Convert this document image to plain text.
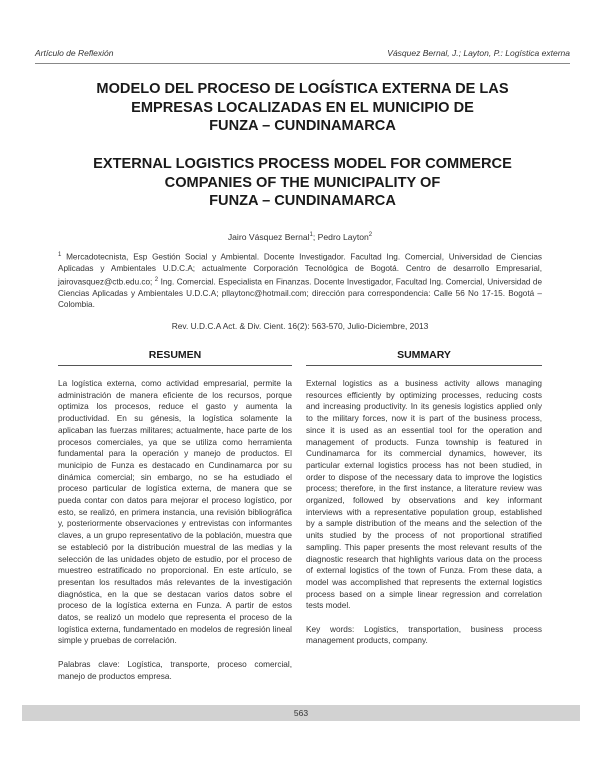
Artículo de Reflexión	Vásquez Bernal, J.; Layton, P.: Logística externa
MODELO DEL PROCESO DE LOGÍSTICA EXTERNA DE LAS
EMPRESAS LOCALIZADAS EN EL MUNICIPIO DE
FUNZA – CUNDINAMARCA
EXTERNAL LOGISTICS PROCESS MODEL FOR COMMERCE
COMPANIES OF THE MUNICIPALITY OF
FUNZA – CUNDINAMARCA
Jairo Vásquez Bernal$^1$; Pedro Layton$^2$
$^1$ Mercadotecnista, Esp Gestión Social y Ambiental. Docente Investigador. Facultad Ing. Comercial, Universidad de Ciencias Aplicadas y Ambientales U.D.C.A; actualmente Corporación Tecnológica de Bogotá. Centro de desarrollo Empresarial, jairovasquez@ctb.edu.co; $^2$ Ing. Comercial. Especialista en Finanzas. Docente Investigador, Facultad Ing. Comercial, Universidad de Ciencias Aplicadas y Ambientales U.D.C.A; pllaytonc@hotmail.com; dirección para correspondencia: Calle 56 No 17-15. Bogotá – Colombia.
Rev. U.D.C.A Act. & Div. Cient. 16(2): 563-570, Julio-Diciembre, 2013
RESUMEN	SUMMARY

La logística externa, como actividad empresarial, permite la administración de manera eficiente de los recursos, porque optimiza los procesos, reduce el gasto y aumenta la productividad. En su génesis, la logística solamente la aplicaban las fuerzas militares; actualmente, hace parte de los procesos comerciales, ya que se utiliza como herramienta fundamental para la operación y manejo de productos. El municipio de Funza es destacado en Cundinamarca por su dinámica comercial; sin embargo, no se ha estudiado el proceso particular de logística externa, de manera que se pueda contar con datos para mejorar el proceso logístico, por esto, se realizó, en primera instancia, una revisión bibliográfica y, posteriormente observaciones y entrevistas con informantes claves, a un grupo representativo de la población, muestra que se estableció por la distribución muestral de las medias y la selección de las unidades objeto de estudio, por el proceso de muestreo estratificado no proporcional. En este artículo, se presentan los resultados más relevantes de la investigación diagnóstica, en la que se destacan varios datos sobre el proceso de la logística externa en Funza. A partir de estos datos, se realizó un modelo que representa el proceso de la logística externa, fundamentado en modelos de regresión lineal simple y pruebas de correlación.

Palabras clave: Logística, transporte, proceso comercial, manejo de productos empresa.

External logistics as a business activity allows managing resources efficiently by optimizing processes, reducing costs and increasing productivity. In its genesis logistics applied only to the military forces, now it is part of the business process, since it is used as an essential tool for the operation and management of products. Funza township is featured in Cundinamarca for its commercial dynamics, however, its particular external logistics process has not been studied, in order to dispose of the necessary data to improve the logistics process; therefore, in the first instance, a literature review was organized, followed by observations and key informant interviews with a representative population group, established by a sample distribution of the means and the selection of the units studied by the process of not proportional stratified sampling. This paper presents the most relevant results of the diagnostic research that highlights various data on the process of external logistics of the town of Funza. From these data, a model was accomplished that represents the external logistics process based on a simple linear regression and correlation tests model.

Key words: Logistics, transportation, business process management products, company.

563
